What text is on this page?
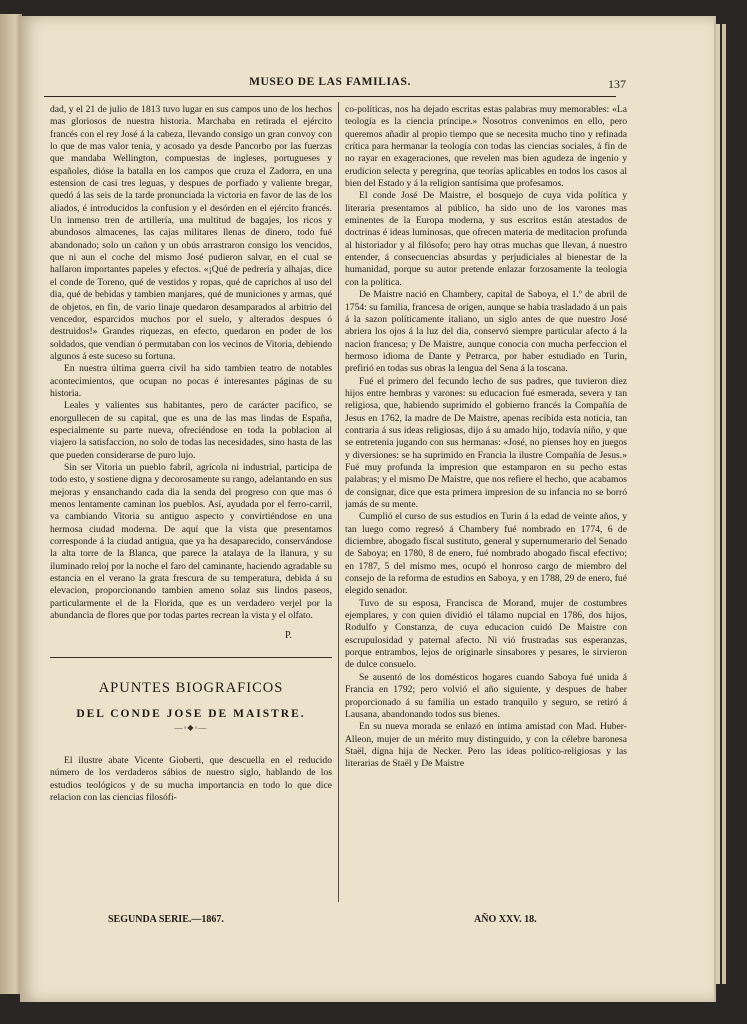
MUSEO DE LAS FAMILIAS.	137

dad, y el 21 de julio de 1813 tuvo lugar en sus campos uno de los hechos mas gloriosos de nuestra historia. Marchaba en retirada el ejército francés con el rey José á la cabeza, llevando consigo un gran convoy con lo que de mas valor tenia, y acosado ya desde Pancorbo por las fuerzas que mandaba Wellington, compuestas de ingleses, portugueses y españoles, dióse la batalla en los campos que cruza el Zadorra, en una estension de casi tres leguas, y despues de porfiado y valiente bregar, quedó á las seis de la tarde pronunciada la victoria en favor de las de los aliados, é introducidos la confusion y el desórden en el ejército francés. Un inmenso tren de artillería, una multitud de bagajes, los ricos y abundosos almacenes, las cajas militares llenas de dinero, todo fué abandonado; solo un cañon y un obús arrastraron consigo los vencidos, que ni aun el coche del mismo José pudieron salvar, en el cual se hallaron importantes papeles y efectos. «¡Qué de pedrería y alhajas, dice el conde de Toreno, qué de vestidos y ropas, qué de caprichos al uso del dia, qué de bebidas y tambien manjares, qué de municiones y armas, qué de objetos, en fin, de vario linaje quedaron desamparados al arbitrio del vencedor, esparcidos muchos por el suelo, y alterados despues ó destruidos!» Grandes riquezas, en efecto, quedaron en poder de los soldados, que vendian ó permutaban con los vecinos de Vitoria, debiendo algunos á este suceso su fortuna.

En nuestra última guerra civil ha sido tambien teatro de notables acontecimientos, que ocupan no pocas é interesantes páginas de su historia.

Leales y valientes sus habitantes, pero de carácter pacífico, se enorgullecen de su capital, que es una de las mas lindas de España, especialmente su parte nueva, ofreciéndose en toda la poblacion al viajero la satisfaccion, no solo de todas las necesidades, sino hasta de las que pueden considerarse de puro lujo.

Sin ser Vitoria un pueblo fabril, agrícola ni industrial, participa de todo esto, y sostiene digna y decorosamente su rango, adelantando en sus mejoras y ensanchando cada dia la senda del progreso con que mas ó menos lentamente caminan los pueblos. Así, ayudada por el ferro-carril, va cambiando Vitoria su antiguo aspecto y convirtiéndose en una hermosa ciudad moderna. De aquí que la vista que presentamos corresponde á la ciudad antigua, que ya ha desaparecido, conservándose la alta torre de la Blanca, que parece la atalaya de la llanura, y su iluminado reloj por la noche el faro del caminante, haciendo agradable su estancia en el verano la grata frescura de su temperatura, debida á su elevacion, proporcionando tambien ameno solaz sus lindos paseos, particularmente el de la Florida, que es un verdadero verjel por la abundancia de flores que por todas partes recrean la vista y el olfato.

P.
APUNTES BIOGRAFICOS
DEL CONDE JOSE DE MAISTRE.
—◦◆◦—

El ilustre abate Vicente Gioberti, que descuella en el reducido número de los verdaderos sábios de nuestro siglo, hablando de los estudios teológicos y de su mucha importancia en todo lo que dice relacion con las ciencias filosófi-

co-políticas, nos ha dejado escritas estas palabras muy memorables: «La teología es la ciencia príncipe.» Nosotros convenimos en ello, pero queremos añadir al propio tiempo que se necesita mucho tino y refinada crítica para hermanar la teología con todas las ciencias sociales, á fin de no rayar en exageraciones, que revelen mas bien agudeza de ingenio y erudicion selecta y peregrina, que teorías aplicables en todos los casos al bien del Estado y á la religion santísima que profesamos.

El conde José De Maistre, el bosquejo de cuya vida política y literaria presentamos al público, ha sido uno de los varones mas eminentes de la Europa moderna, y sus escritos están atestados de doctrinas é ideas luminosas, que ofrecen materia de meditacion profunda al historiador y al filósofo; pero hay otras muchas que llevan, á nuestro entender, á consecuencias absurdas y perjudiciales al bienestar de la humanidad, porque su autor pretende enlazar forzosamente la teología con la política.

De Maistre nació en Chambery, capital de Saboya, el 1.º de abril de 1754: su familia, francesa de orígen, aunque se habia trasladado á un pais á la sazon políticamente italiano, un siglo antes de que nuestro José abriera los ojos á la luz del dia, conservó siempre particular afecto á la nacion francesa; y De Maistre, aunque conocia con mucha perfeccion el hermoso idioma de Dante y Petrarca, por haber estudiado en Turin, prefirió en todas sus obras la lengua del Sena á la toscana.

Fué el primero del fecundo lecho de sus padres, que tuvieron diez hijos entre hembras y varones: su educacion fué esmerada, severa y tan religiosa, que, habiendo suprimido el gobierno francés la Compañía de Jesus en 1762, la madre de De Maistre, apenas recibida esta noticia, tan contraria á sus ideas religiosas, dijo á su amado hijo, todavía niño, y que se entretenia jugando con sus hermanas: «José, no pienses hoy en juegos y diversiones: se ha suprimido en Francia la ilustre Compañía de Jesus.» Fué muy profunda la impresion que estamparon en su pecho estas palabras; y el mismo De Maistre, que nos refiere el hecho, que acabamos de consignar, dice que esta primera impresion de su infancia no se borró jamás de su mente.

Cumplió el curso de sus estudios en Turin á la edad de veinte años, y tan luego como regresó á Chambery fué nombrado en 1774, 6 de diciembre, abogado fiscal sustituto, general y supernumerario del Senado de Saboya; en 1780, 8 de enero, fué nombrado abogado fiscal efectivo; en 1787, 5 del mismo mes, ocupó el honroso cargo de miembro del consejo de la reforma de estudios en Saboya, y en 1788, 29 de enero, fué elegido senador.

Tuvo de su esposa, Francisca de Morand, mujer de costumbres ejemplares, y con quien dividió el tálamo nupcial en 1786, dos hijos, Rodulfo y Constanza, de cuya educacion cuidó De Maistre con escrupulosidad y paternal afecto. Ni vió frustradas sus esperanzas, porque entrambos, lejos de originarle sinsabores y pesares, le sirvieron de dulce consuelo.

Se ausentó de los domésticos hogares cuando Saboya fué unida á Francia en 1792; pero volvió el año siguiente, y despues de haber proporcionado á su familia un estado tranquilo y seguro, se retiró á Lausana, abandonando todos sus bienes.

En su nueva morada se enlazó en íntima amistad con Mad. Huber-Alleon, mujer de un mérito muy distinguido, y con la célebre baronesa Staël, digna hija de Necker. Pero las ideas político-religiosas y las literarias de Staël y De Maistre

SEGUNDA SERIE.—1867.	AÑO XXV. 18.
